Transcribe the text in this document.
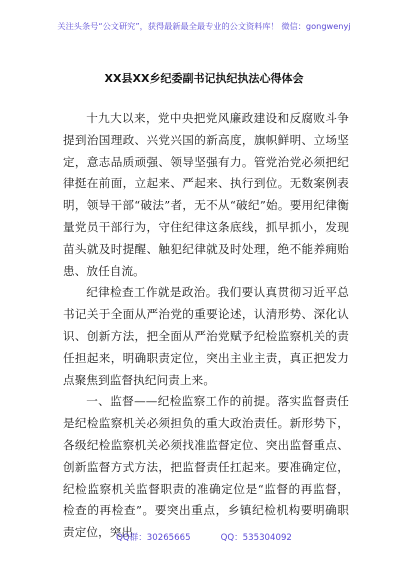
关注头条号“公文研究”，获得最新最全最专业的公文资料库！ 微信：gongwenyj
XX县XX乡纪委副书记执纪执法心得体会

十九大以来，党中央把党风廉政建设和反腐败斗争提到治国理政、兴党兴国的新高度，旗帜鲜明、立场坚定，意志品质顽强、领导坚强有力。管党治党必须把纪律挺在前面，立起来、严起来、执行到位。无数案例表明，领导干部“破法”者，无不从“破纪”始。要用纪律衡量党员干部行为，守住纪律这条底线，抓早抓小，发现苗头就及时提醒、触犯纪律就及时处理，绝不能养痈贻患、放任自流。

纪律检查工作就是政治。我们要认真贯彻习近平总书记关于全面从严治党的重要论述，认清形势、深化认识、创新方法，把全面从严治党赋予纪检监察机关的责任担起来，明确职责定位，突出主业主责，真正把发力点聚焦到监督执纪问责上来。

一、监督——纪检监察工作的前提。落实监督责任是纪检监察机关必须担负的重大政治责任。新形势下，各级纪检监察机关必须找准监督定位、突出监督重点、创新监督方式方法，把监督责任扛起来。要准确定位，纪检监察机关监督职责的准确定位是“监督的再监督，检查的再检查”。要突出重点，乡镇纪检机构要明确职责定位，突出

QQ群：30265665	QQ：535304092
